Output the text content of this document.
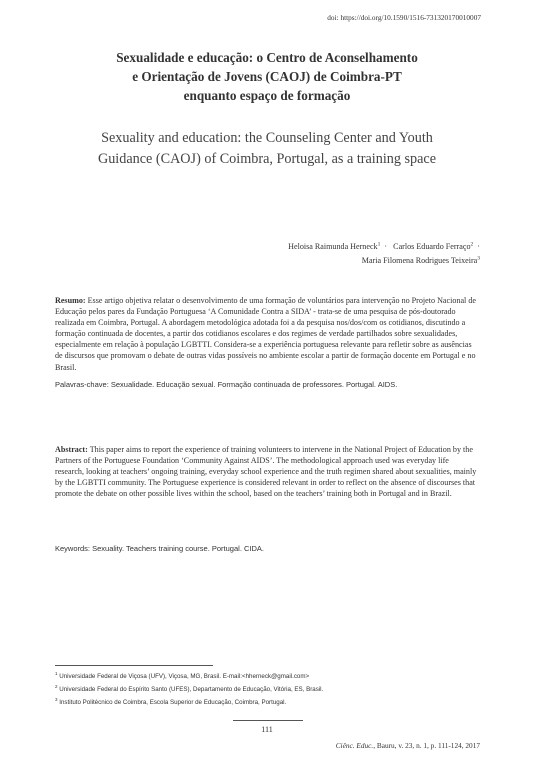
doi: https://doi.org/10.1590/1516-731320170010007
Sexualidade e educação: o Centro de Aconselhamento
e Orientação de Jovens (CAOJ) de Coimbra-PT
enquanto espaço de formação
Sexuality and education: the Counseling Center and Youth
Guidance (CAOJ) of Coimbra, Portugal, as a training space
Heloisa Raimunda Herneck$^1$  ·   Carlos Eduardo Ferraço$^2$  ·
Maria Filomena Rodrigues Teixeira$^3$
Resumo: Esse artigo objetiva relatar o desenvolvimento de uma formação de voluntários para intervenção no Projeto Nacional de Educação pelos pares da Fundação Portuguesa ‘A Comunidade Contra a SIDA’ - trata-se de uma pesquisa de pós-doutorado realizada em Coimbra, Portugal. A abordagem metodológica adotada foi a da pesquisa nos/dos/com os cotidianos, discutindo a formação continuada de docentes, a partir dos cotidianos escolares e dos regimes de verdade partilhados sobre sexualidades, especialmente em relação à população LGBTTI. Considera-se a experiência portuguesa relevante para refletir sobre as ausências de discursos que promovam o debate de outras vidas possíveis no ambiente escolar a partir de formação docente em Portugal e no Brasil.
Palavras-chave: Sexualidade. Educação sexual. Formação continuada de professores. Portugal. AIDS.
Abstract: This paper aims to report the experience of training volunteers to intervene in the National Project of Education by the Partners of the Portuguese Foundation ‘Community Against AIDS’. The methodological approach used was everyday life research, looking at teachers’ ongoing training, everyday school experience and the truth regimen shared about sexualities, mainly by the LGBTTI community. The Portuguese experience is considered relevant in order to reflect on the absence of discourses that promote the debate on other possible lives within the school, based on the teachers’ training both in Portugal and in Brazil.
Keywords: Sexuality. Teachers training course. Portugal. CIDA.
$^1$ Universidade Federal de Viçosa (UFV), Viçosa, MG, Brasil. E-mail:<hherneck@gmail.com>
$^2$ Universidade Federal do Espírito Santo (UFES), Departamento de Educação, Vitória, ES, Brasil.
$^3$ Instituto Politécnico de Coimbra, Escola Superior de Educação, Coimbra, Portugal.
111
Ciênc. Educ., Bauru, v. 23, n. 1, p. 111-124, 2017
